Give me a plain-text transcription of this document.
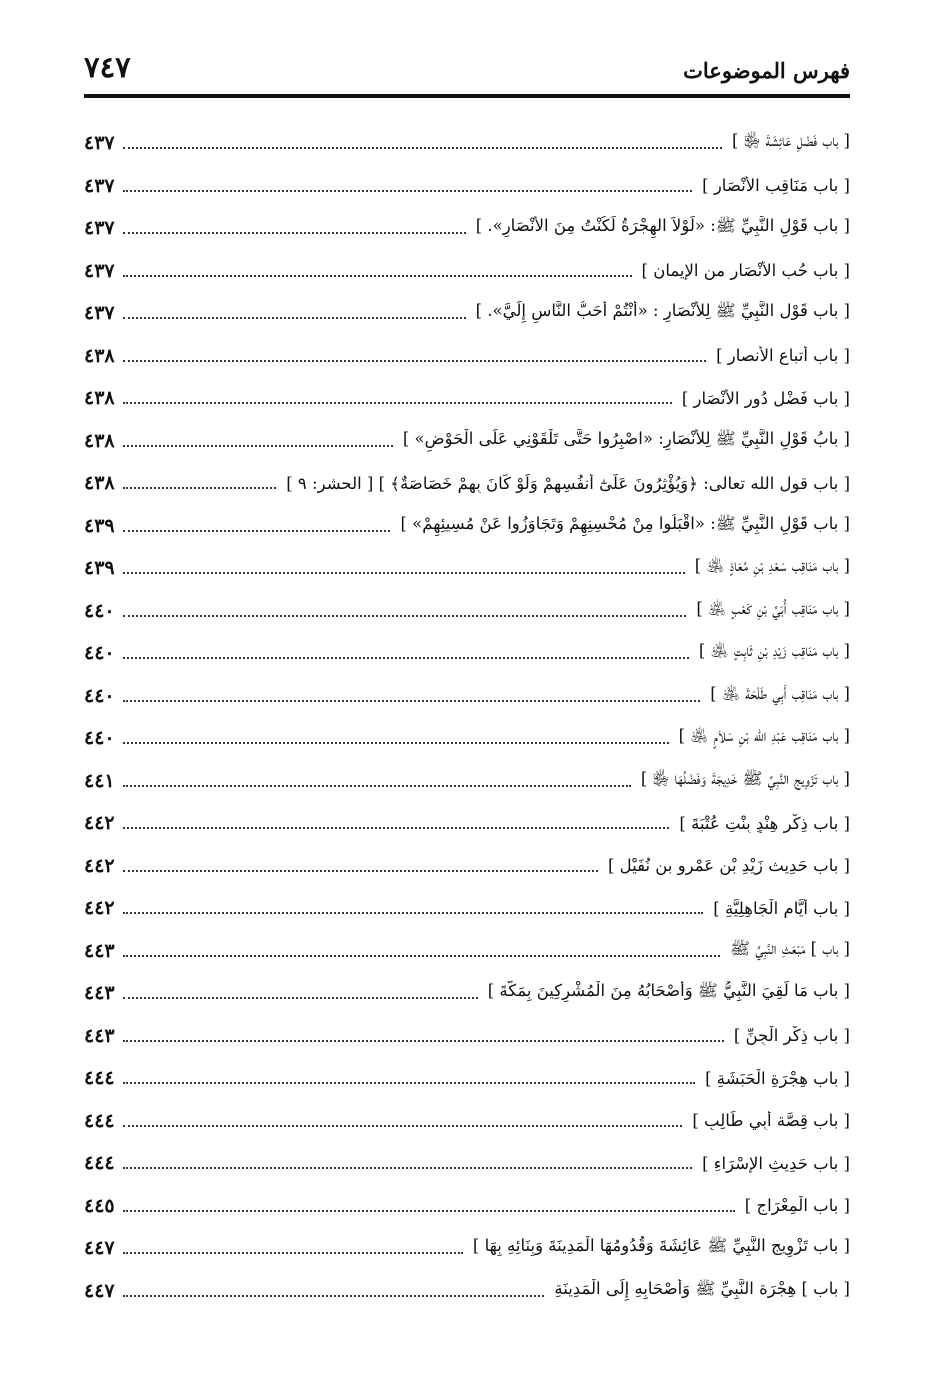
فهرس الموضوعات
٧٤٧
[ باب فَضْلِ عَائِشَةَ ﵂ ]
٤٣٧
[ باب مَنَاقِب الأَنْصَارِ ]
٤٣٧
[ باب قَوْلِ النَّبِيِّ ﷺ: «لَوْلاَ الهِجْرَةُ لَكُنْتُ مِنَ الأَنْصَارِ». ]
٤٣٧
[ باب حُب الأَنْصَارِ من الإيمان ]
٤٣٧
[ باب قَوْل النَّبِيِّ ﷺ لِلأَنْصَارِ : «أَنْتُمْ أَحَبُّ النَّاسِ إِلَيَّ». ]
٤٣٧
[ باب أتباع الأنصار ]
٤٣٨
[ باب فَضْل دُورِ الأَنْصَارِ ]
٤٣٨
[ بابُ قَوْلِ النَّبِيِّ ﷺ لِلأَنْصَارِ: «اصْبِرُوا حَتَّى تَلْقَوْنِي عَلَى الْحَوْضِ» ]
٤٣٨
[ باب قول الله تعالى: ﴿وَيُؤْثِرُونَ عَلَىٰٓ أَنفُسِهِمْ وَلَوْ كَانَ بِهِمْ خَصَاصَةٌ﴾ ] [ الحشر: ٩ ]
٤٣٨
[ باب قَوْلِ النَّبِيِّ ﷺ: «اقْبَلُوا مِنْ مُحْسِنِهِمْ وَتَجَاوَزُوا عَنْ مُسِيئِهِمْ» ]
٤٣٩
[ باب مَنَاقِب سَعْدِ بْنِ مُعَاذٍ ﵁ ]
٤٣٩
[ باب مَنَاقِب أُبَيِّ بْنِ كَعْبٍ ﵁ ]
٤٤٠
[ باب مَنَاقِب زَيْدِ بْنِ ثَابِتٍ ﵁ ]
٤٤٠
[ باب مَنَاقِب أَبِي طَلْحَةَ ﵁ ]
٤٤٠
[ باب مَنَاقِب عَبْدِ الله بْنِ سَلاَمٍ ﵁ ]
٤٤٠
[ باب تَزْوِيج النَّبِيِّ ﷺ خَدِيجَةَ وَفَضْلُهَا ﵂ ]
٤٤١
[ باب ذِكْر هِنْدٍ بِنْتِ عُتْبَةَ ]
٤٤٢
[ باب حَدِيث زَيْدِ بْنِ عَمْرِو بن نُفَيْلٍ ]
٤٤٢
[ باب أَيَّام الْجَاهِلِيَّةِ ]
٤٤٢
[ باب ] مَبْعَثِ النَّبِيِّ ﷺ
٤٤٣
[ باب مَا لَقِيَ النَّبِيُّ ﷺ وَأَصْحَابُهُ مِنَ الْمُشْرِكِينَ بِمَكَّةَ ]
٤٤٣
[ باب ذِكْر الْجِنِّ ]
٤٤٣
[ باب هِجْرَةِ الْحَبَشَةِ ]
٤٤٤
[ باب قِصَّة أَبِي طَالِبٍ ]
٤٤٤
[ باب حَدِيثِ الإِسْرَاءِ ]
٤٤٤
[ باب الْمِعْرَاجِ ]
٤٤٥
[ باب تَزْوِيج النَّبِيِّ ﷺ عَائِشَةَ وَقُدُومُهَا الْمَدِينَةَ وَبِنَائِهِ بِهَا ]
٤٤٧
[ باب ] هِجْرَة النَّبِيِّ ﷺ وَأَصْحَابِهِ إِلَى الْمَدِينَةِ
٤٤٧
